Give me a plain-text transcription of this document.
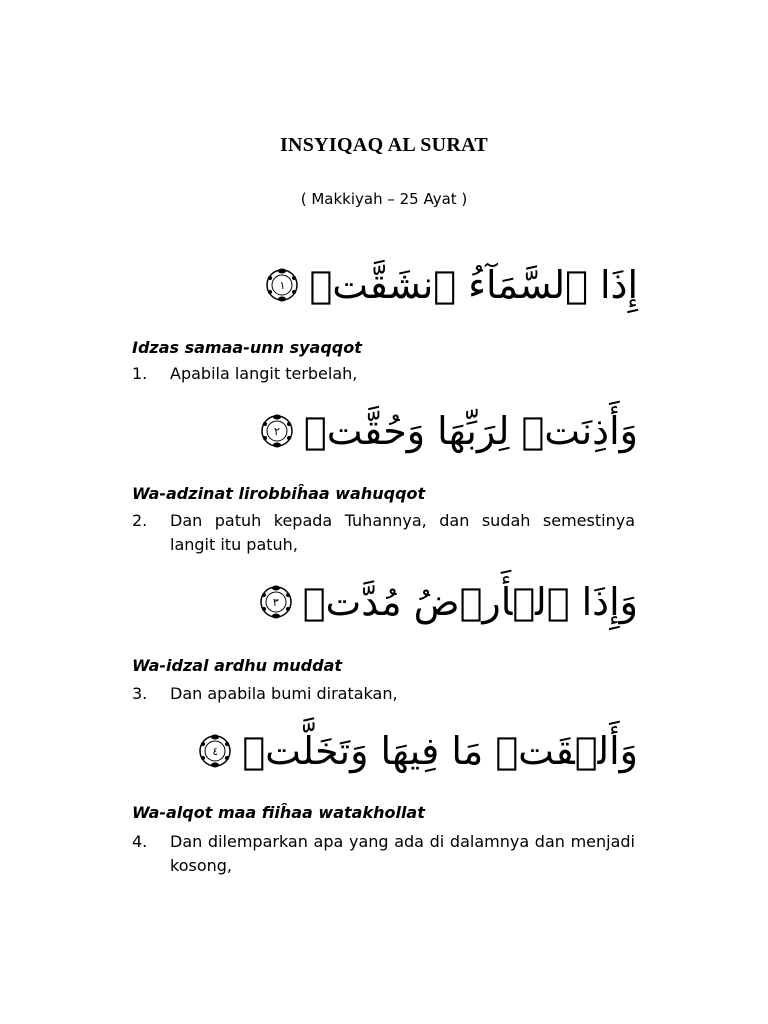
INSYIQAQ AL SURAT
( Makkiyah – 25 Ayat )
إِذَا ٱلسَّمَآءُ ٱنشَقَّتۡ
١
Idzas samaa-unn syaqqot
1.	Apabila langit terbelah,
وَأَذِنَتۡ لِرَبِّهَا وَحُقَّتۡ
٢
Wa-adzinat lirobbiĥaa wahuqqot
2.	Dan patuh kepada Tuhannya, dan sudah semestinya langit itu patuh,
وَإِذَا ٱلۡأَرۡضُ مُدَّتۡ
٣
Wa-idzal ardhu muddat
3.	Dan apabila bumi diratakan,
وَأَلۡقَتۡ مَا فِيهَا وَتَخَلَّتۡ
٤
Wa-alqot maa fiiĥaa watakhollat
4.	Dan dilemparkan apa yang ada di dalamnya dan menjadi kosong,
